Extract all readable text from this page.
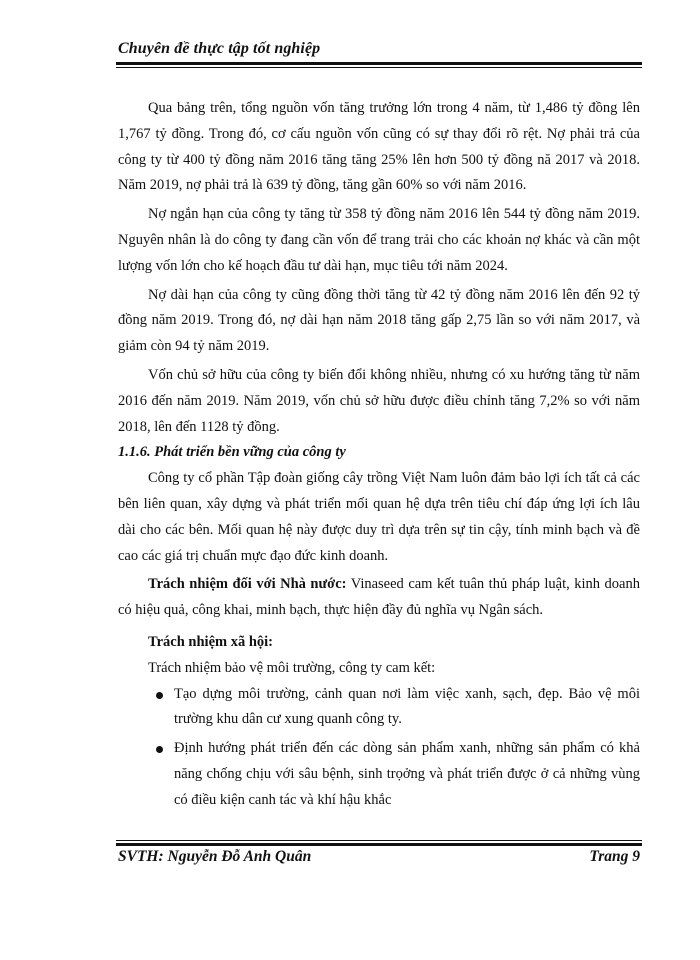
Chuyên đề thực tập tốt nghiệp

Qua bảng trên, tổng nguồn vốn tăng trưởng lớn trong 4 năm, từ 1,486 tỷ đồng lên 1,767 tỷ đồng. Trong đó, cơ cấu nguồn vốn cũng có sự thay đổi rõ rệt. Nợ phải trả của công ty từ 400 tỷ đồng năm 2016 tăng tăng 25% lên hơn 500 tỷ đồng nă 2017 và 2018. Năm 2019, nợ phải trả là 639 tỷ đồng, tăng gần 60% so với năm 2016.

Nợ ngắn hạn của công ty tăng từ 358 tỷ đồng năm 2016 lên 544 tỷ đồng năm 2019. Nguyên nhân là do công ty đang cần vốn để trang trải cho các khoản nợ khác và cần một lượng vốn lớn cho kế hoạch đầu tư dài hạn, mục tiêu tới năm 2024.

Nợ dài hạn của công ty cũng đồng thời tăng từ 42 tỷ đồng năm 2016 lên đến 92 tỷ đồng năm 2019. Trong đó, nợ dài hạn năm 2018 tăng gấp 2,75 lần so với năm 2017, và giảm còn 94 tỷ năm 2019.

Vốn chủ sở hữu của công ty biến đổi không nhiều, nhưng có xu hướng tăng từ năm 2016 đến năm 2019. Năm 2019, vốn chủ sở hữu được điều chỉnh tăng 7,2% so với năm 2018, lên đến 1128 tỷ đồng.

1.1.6. Phát triển bền vững của công ty

Công ty cổ phần Tập đoàn giống cây trồng Việt Nam luôn đảm bảo lợi ích tất cả các bên liên quan, xây dựng và phát triển mối quan hệ dựa trên tiêu chí đáp ứng lợi ích lâu dài cho các bên. Mối quan hệ này được duy trì dựa trên sự tin cậy, tính minh bạch và đề cao các giá trị chuẩn mực đạo đức kinh doanh.

Trách nhiệm đối với Nhà nước: Vinaseed cam kết tuân thủ pháp luật, kinh doanh có hiệu quả, công khai, minh bạch, thực hiện đầy đủ nghĩa vụ Ngân sách.

Trách nhiệm xã hội:

Trách nhiệm bảo vệ môi trường, công ty cam kết:

Tạo dựng môi trường, cảnh quan nơi làm việc xanh, sạch, đẹp. Bảo vệ môi trường khu dân cư xung quanh công ty.
Định hướng phát triển đến các dòng sản phẩm xanh, những sản phẩm có khả năng chống chịu với sâu bệnh, sinh trọởng và phát triển được ở cả những vùng có điều kiện canh tác và khí hậu khắc
SVTH: Nguyễn Đỗ Anh Quân	Trang 9
